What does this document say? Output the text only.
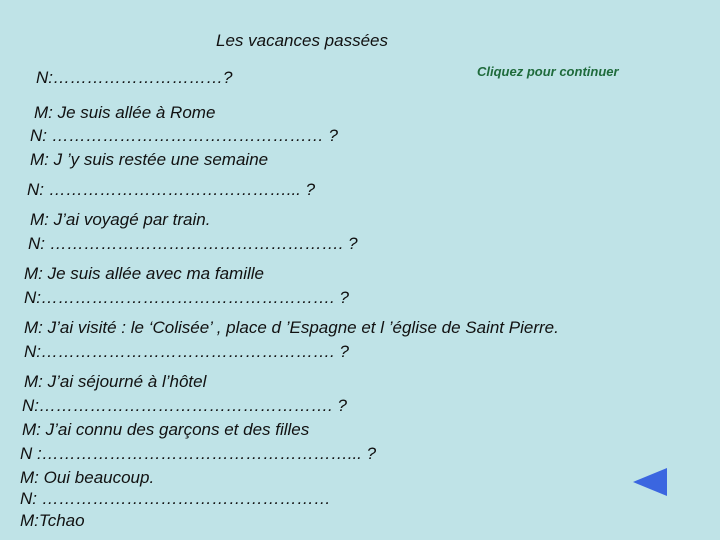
Les vacances passées
Cliquez pour continuer
N:…………………………?
M: Je suis allée à Rome
N: ………………………………………… ?
M: J ’y suis restée une semaine
N: ……………………………………... ?
M: J’ai voyagé par train.
N: ……………………………………………. ?
M: Je suis allée avec ma famille
N:……………………………………………. ?
M: J’ai visité : le ‘Colisée’ , place d ’Espagne et l ’église de Saint Pierre.
N:……………………………………………. ?
M: J’ai séjourné à l’hôtel
N:……………………………………………. ?
M: J’ai connu des garçons et des filles
N :………………………………………………... ?
M: Oui beaucoup.
N: ……………………………………………
M:Tchao
